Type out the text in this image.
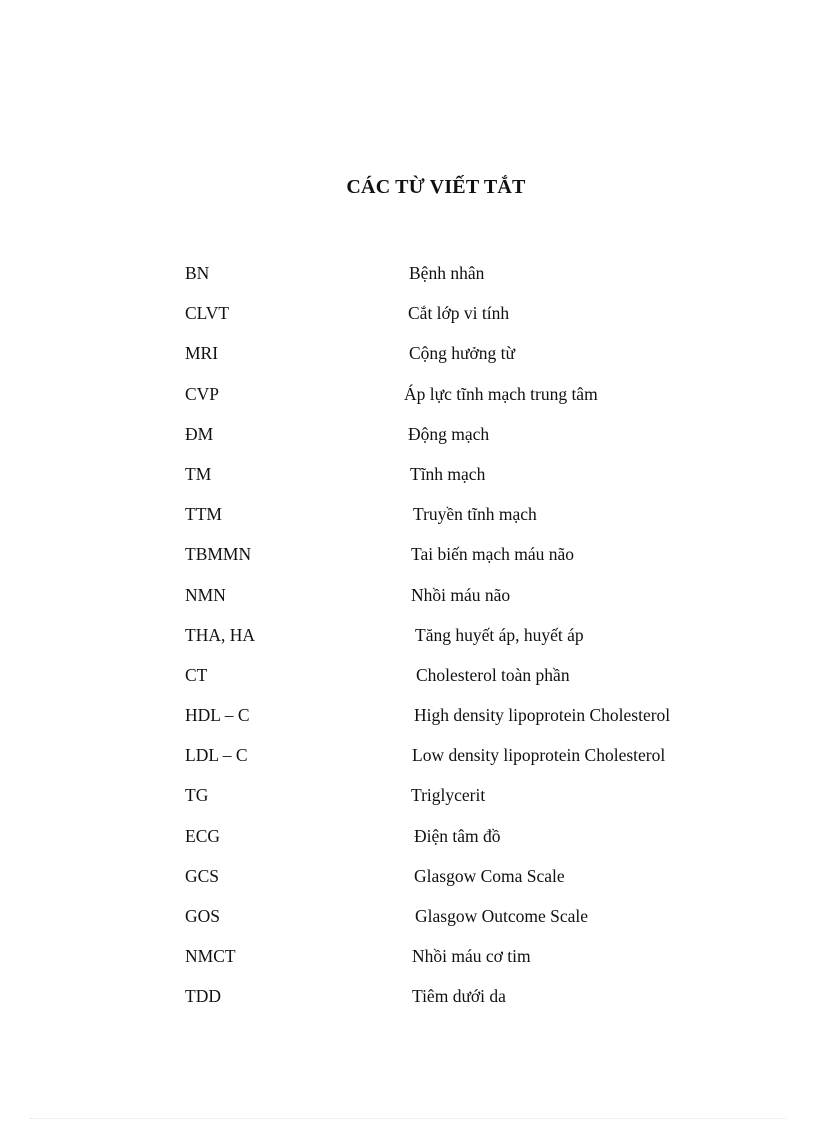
CÁC TỪ VIẾT TẮT
BN	Bệnh nhân
CLVT	Cắt lớp vi tính
MRI	Cộng hưởng từ
CVP	Áp lực tĩnh mạch trung tâm
ĐM	Động mạch
TM	Tĩnh mạch
TTM	Truyền tĩnh mạch
TBMMN	Tai biến mạch máu não
NMN	Nhồi máu não
THA, HA	Tăng huyết áp, huyết áp
CT	Cholesterol toàn phần
HDL – C	High density lipoprotein Cholesterol
LDL – C	Low density lipoprotein Cholesterol
TG	Triglycerit
ECG	Điện tâm đồ
GCS	Glasgow Coma Scale
GOS	Glasgow Outcome Scale
NMCT	Nhồi máu cơ tim
TDD	Tiêm dưới da
